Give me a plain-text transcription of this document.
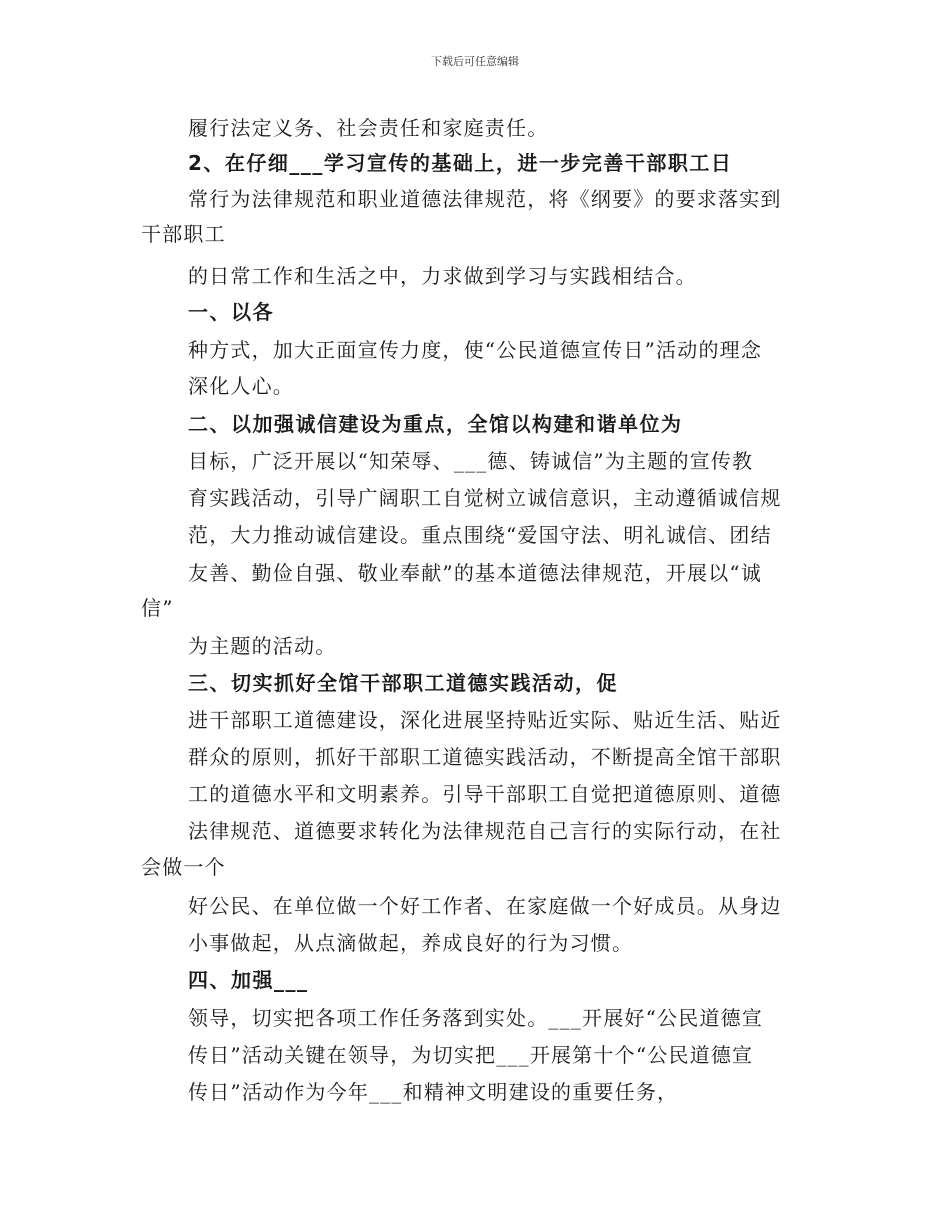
下载后可任意编辑
履行法定义务、社会责任和家庭责任。
2、在仔细___学习宣传的基础上，进一步完善干部职工日
常行为法律规范和职业道德法律规范，将《纲要》的要求落实到
干部职工
的日常工作和生活之中，力求做到学习与实践相结合。
一、以各
种方式，加大正面宣传力度，使“公民道德宣传日”活动的理念
深化人心。
二、以加强诚信建设为重点，全馆以构建和谐单位为
目标，广泛开展以“知荣辱、___德、铸诚信”为主题的宣传教
育实践活动，引导广阔职工自觉树立诚信意识，主动遵循诚信规
范，大力推动诚信建设。重点围绕“爱国守法、明礼诚信、团结
友善、勤俭自强、敬业奉献”的基本道德法律规范，开展以“诚
信”
为主题的活动。
三、切实抓好全馆干部职工道德实践活动，促
进干部职工道德建设，深化进展坚持贴近实际、贴近生活、贴近
群众的原则，抓好干部职工道德实践活动，不断提高全馆干部职
工的道德水平和文明素养。引导干部职工自觉把道德原则、道德
法律规范、道德要求转化为法律规范自己言行的实际行动，在社
会做一个
好公民、在单位做一个好工作者、在家庭做一个好成员。从身边
小事做起，从点滴做起，养成良好的行为习惯。
四、加强___
领导，切实把各项工作任务落到实处。___开展好“公民道德宣
传日”活动关键在领导，为切实把___开展第十个“公民道德宣
传日”活动作为今年___和精神文明建设的重要任务，
